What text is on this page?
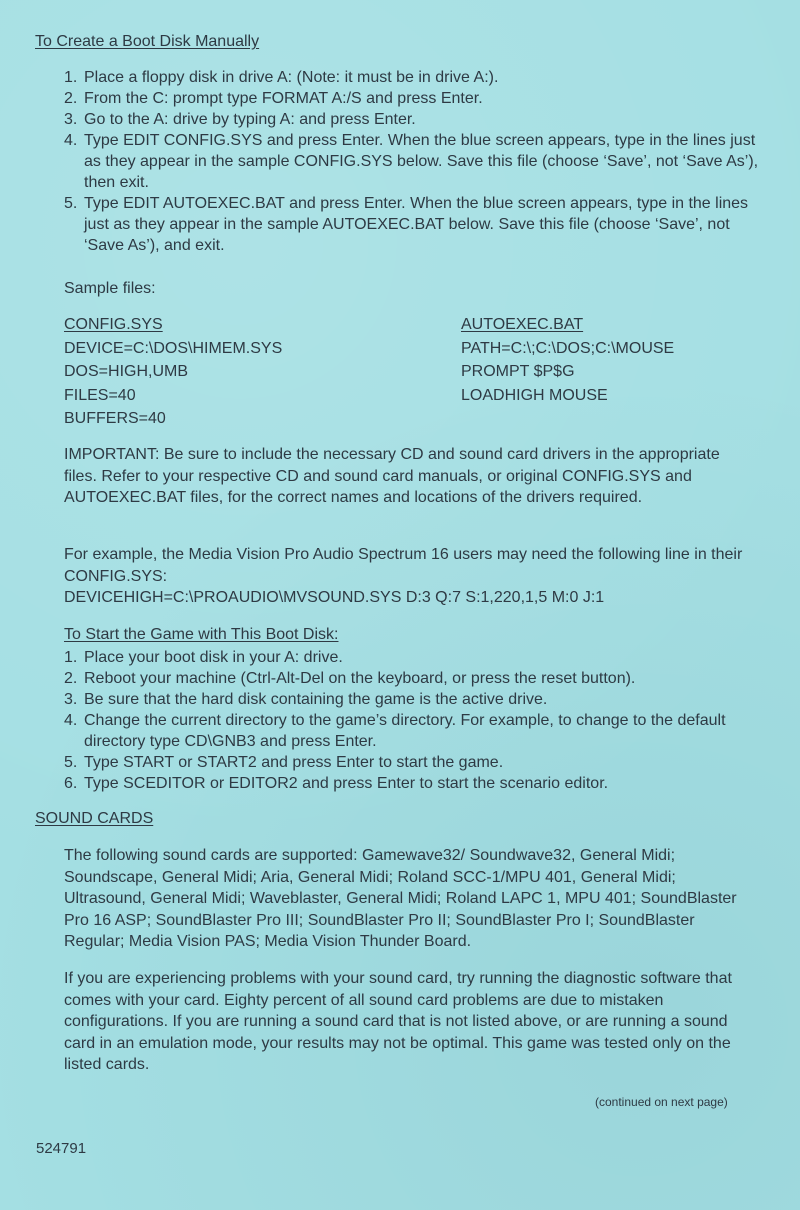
To Create a Boot Disk Manually
1. Place a floppy disk in drive A: (Note: it must be in drive A:).
2. From the C: prompt type FORMAT A:/S and press Enter.
3. Go to the A: drive by typing A: and press Enter.
4. Type EDIT CONFIG.SYS and press Enter. When the blue screen appears, type in the lines just as they appear in the sample CONFIG.SYS below. Save this file (choose ‘Save’, not ‘Save As’), then exit.
5. Type EDIT AUTOEXEC.BAT and press Enter. When the blue screen appears, type in the lines just as they appear in the sample AUTOEXEC.BAT below. Save this file (choose ‘Save’, not ‘Save As’), and exit.
Sample files:
CONFIG.SYS
DEVICE=C:\DOS\HIMEM.SYS
DOS=HIGH,UMB
FILES=40
BUFFERS=40
AUTOEXEC.BAT
PATH=C:\;C:\DOS;C:\MOUSE
PROMPT $P$G
LOADHIGH MOUSE
IMPORTANT: Be sure to include the necessary CD and sound card drivers in the appropriate files. Refer to your respective CD and sound card manuals, or original CONFIG.SYS and AUTOEXEC.BAT files, for the correct names and locations of the drivers required.
For example, the Media Vision Pro Audio Spectrum 16 users may need the following line in their CONFIG.SYS:
DEVICEHIGH=C:\PROAUDIO\MVSOUND.SYS D:3 Q:7 S:1,220,1,5 M:0 J:1
To Start the Game with This Boot Disk:
1. Place your boot disk in your A: drive.
2. Reboot your machine (Ctrl-Alt-Del on the keyboard, or press the reset button).
3. Be sure that the hard disk containing the game is the active drive.
4. Change the current directory to the game’s directory. For example, to change to the default directory type CD\GNB3 and press Enter.
5. Type START or START2 and press Enter to start the game.
6. Type SCEDITOR or EDITOR2 and press Enter to start the scenario editor.
SOUND CARDS
The following sound cards are supported: Gamewave32/ Soundwave32, General Midi; Soundscape, General Midi; Aria, General Midi; Roland SCC-1/MPU 401, General Midi; Ultrasound, General Midi; Waveblaster, General Midi; Roland LAPC 1, MPU 401; SoundBlaster Pro 16 ASP; SoundBlaster Pro III; SoundBlaster Pro II; SoundBlaster Pro I; SoundBlaster Regular; Media Vision PAS; Media Vision Thunder Board.
If you are experiencing problems with your sound card, try running the diagnostic software that comes with your card. Eighty percent of all sound card problems are due to mistaken configurations. If you are running a sound card that is not listed above, or are running a sound card in an emulation mode, your results may not be optimal. This game was tested only on the listed cards.
(continued on next page)
524791
